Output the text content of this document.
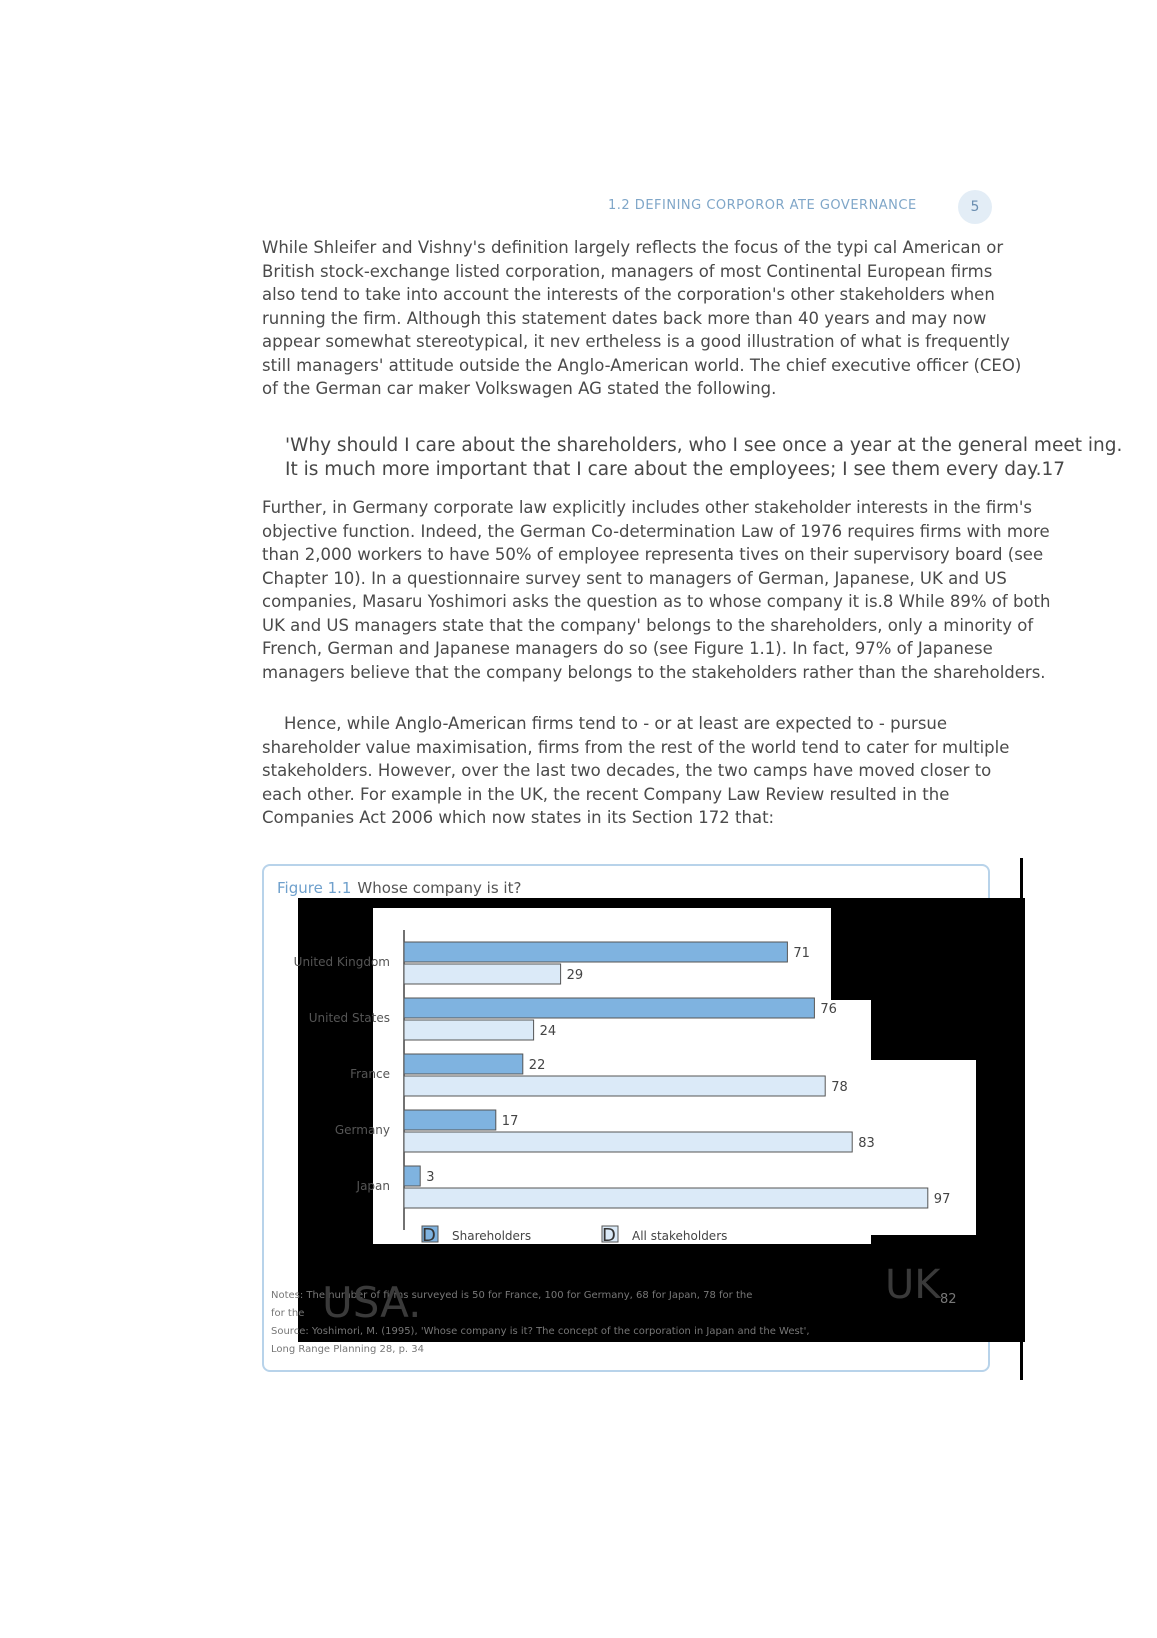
1.2 DEFINING CORPOROR ATE GOVERNANCE	5

While Shleifer and Vishny's definition largely reflects the focus of the typi cal American or British stock-exchange listed corporation, managers of most Continental European firms also tend to take into account the interests of the corporation's other stakeholders when running the firm. Although this statement dates back more than 40 years and may now appear somewhat stereotypical, it nev ertheless is a good illustration of what is frequently still managers' attitude outside the Anglo-American world. The chief executive officer (CEO) of the German car maker Volkswagen AG stated the following.

'Why should I care about the shareholders, who I see once a year at the general meet ing. It is much more important that I care about the employees; I see them every day.17

Further, in Germany corporate law explicitly includes other stakeholder interests in the firm's objective function. Indeed, the German Co-determination Law of 1976 requires firms with more than 2,000 workers to have 50% of employee representa tives on their supervisory board (see Chapter 10). In a questionnaire survey sent to managers of German, Japanese, UK and US companies, Masaru Yoshimori asks the question as to whose company it is.8 While 89% of both UK and US managers state that the company' belongs to the shareholders, only a minority of French, German and Japanese managers do so (see Figure 1.1). In fact, 97% of Japanese managers believe that the company belongs to the stakeholders rather than the shareholders.

Hence, while Anglo-American firms tend to - or at least are expected to - pursue shareholder value maximisation, firms from the rest of the world tend to cater for multiple stakeholders. However, over the last two decades, the two camps have moved closer to each other. For example in the UK, the recent Company Law Review resulted in the Companies Act 2006 which now states in its Section 172 that:

Figure 1.1 Whose company is it?
United Kingdom
71
29
United States
76
24
France
22
78
Germany
17
83
Japan
3
97
D Shareholders	D All stakeholders
Notes: The number of firms surveyed is 50 for France, 100 for Germany, 68 for Japan, 78 for the
for the USA.	UK 82
Source: Yoshimori, M. (1995), 'Whose company is it? The concept of the corporation in Japan and the West',
Long Range Planning 28, p. 34
